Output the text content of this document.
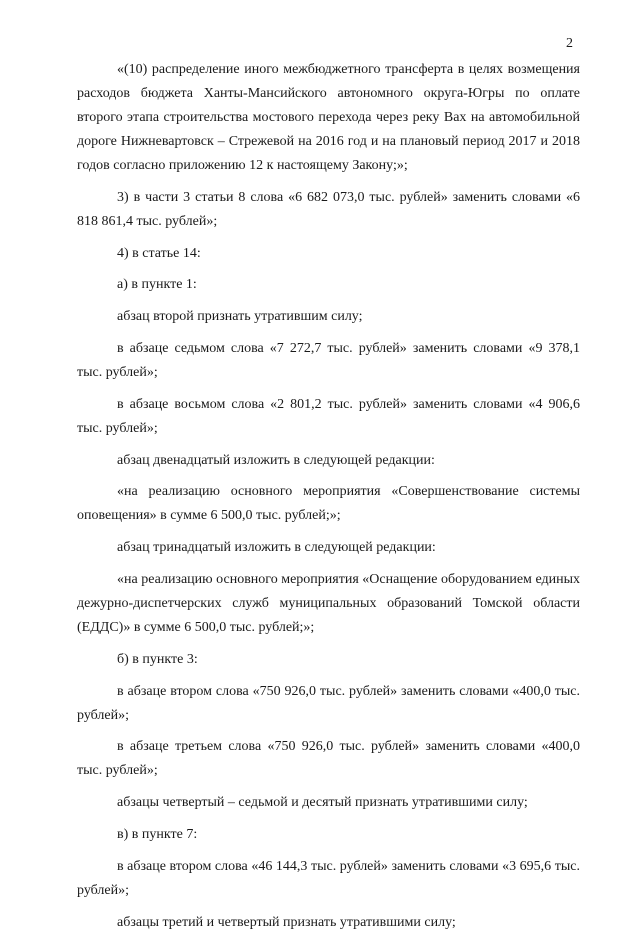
2

«(10) распределение иного межбюджетного трансферта в целях возмещения расходов бюджета Ханты-Мансийского автономного округа-Югры по оплате второго этапа строительства мостового перехода через реку Вах на автомобильной дороге Нижневартовск – Стрежевой на 2016 год и на плановый период 2017 и 2018 годов согласно приложению 12 к настоящему Закону;»;

3) в части 3 статьи 8 слова «6 682 073,0 тыс. рублей» заменить словами «6 818 861,4 тыс. рублей»;

4) в статье 14:

а) в пункте 1:

абзац второй признать утратившим силу;

в абзаце седьмом слова «7 272,7 тыс. рублей» заменить словами «9 378,1 тыс. рублей»;

в абзаце восьмом слова «2 801,2 тыс. рублей» заменить словами «4 906,6 тыс. рублей»;

абзац двенадцатый изложить в следующей редакции:

«на реализацию основного мероприятия «Совершенствование системы оповещения» в сумме 6 500,0 тыс. рублей;»;

абзац тринадцатый изложить в следующей редакции:

«на реализацию основного мероприятия «Оснащение оборудованием единых дежурно-диспетчерских служб муниципальных образований Томской области (ЕДДС)» в сумме 6 500,0 тыс. рублей;»;

б) в пункте 3:

в абзаце втором слова «750 926,0 тыс. рублей» заменить словами «400,0 тыс. рублей»;

в абзаце третьем слова «750 926,0 тыс. рублей» заменить словами «400,0 тыс. рублей»;

абзацы четвертый – седьмой и десятый признать утратившими силу;

в) в пункте 7:

в абзаце втором слова «46 144,3 тыс. рублей» заменить словами «3 695,6 тыс. рублей»;

абзацы третий и четвертый признать утратившими силу;
